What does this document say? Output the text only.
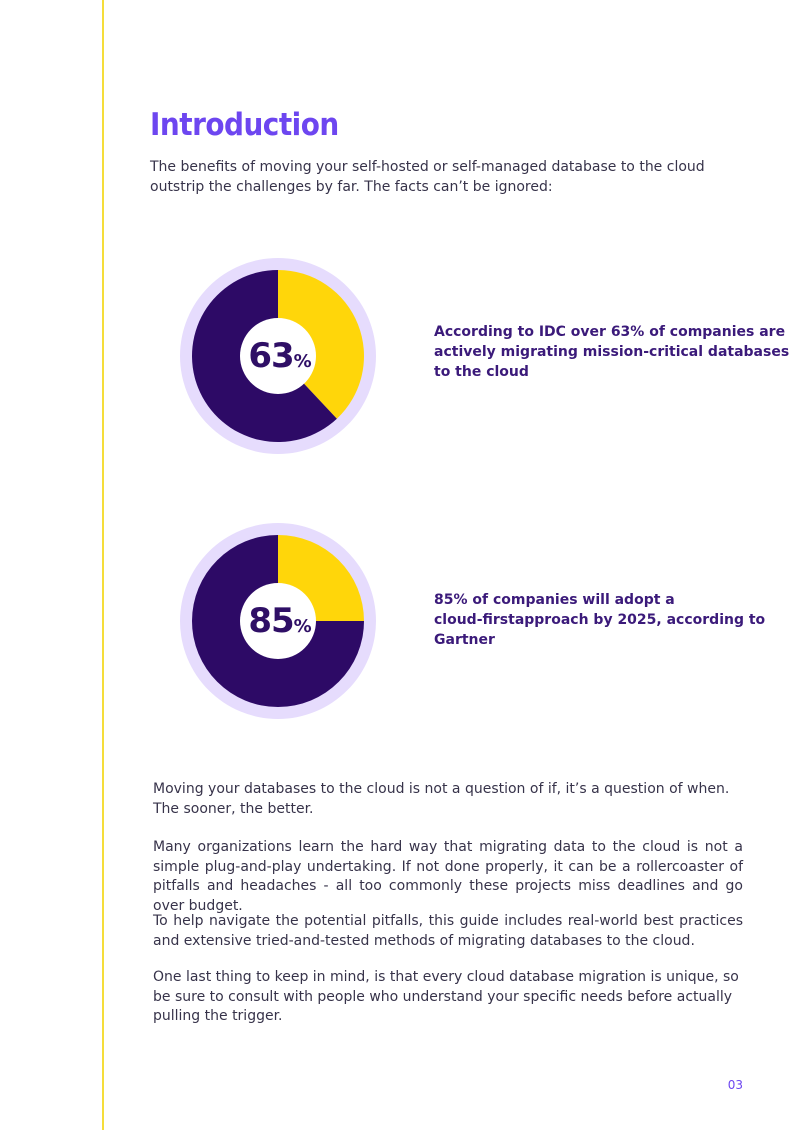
Introduction

The benefits of moving your self-hosted or self-managed database to the cloud
outstrip the challenges by far. The facts can’t be ignored:

63%

According to IDC over 63% of companies are
actively migrating mission-critical databases
to the cloud

85%

85% of companies will adopt a
cloud-firstapproach by 2025, according to
Gartner

Moving your databases to the cloud is not a question of if, it’s a question of when.
The sooner, the better.

Many organizations learn the hard way that migrating data to the cloud is not a simple plug-and-play undertaking. If not done properly, it can be a rollercoaster of pitfalls and headaches - all too commonly these projects miss deadlines and go over budget.

To help navigate the potential pitfalls, this guide includes real-world best practices and extensive tried-and-tested methods of migrating databases to the cloud.

One last thing to keep in mind, is that every cloud database migration is unique, so be sure to consult with people who understand your specific needs before actually pulling the trigger.

03
